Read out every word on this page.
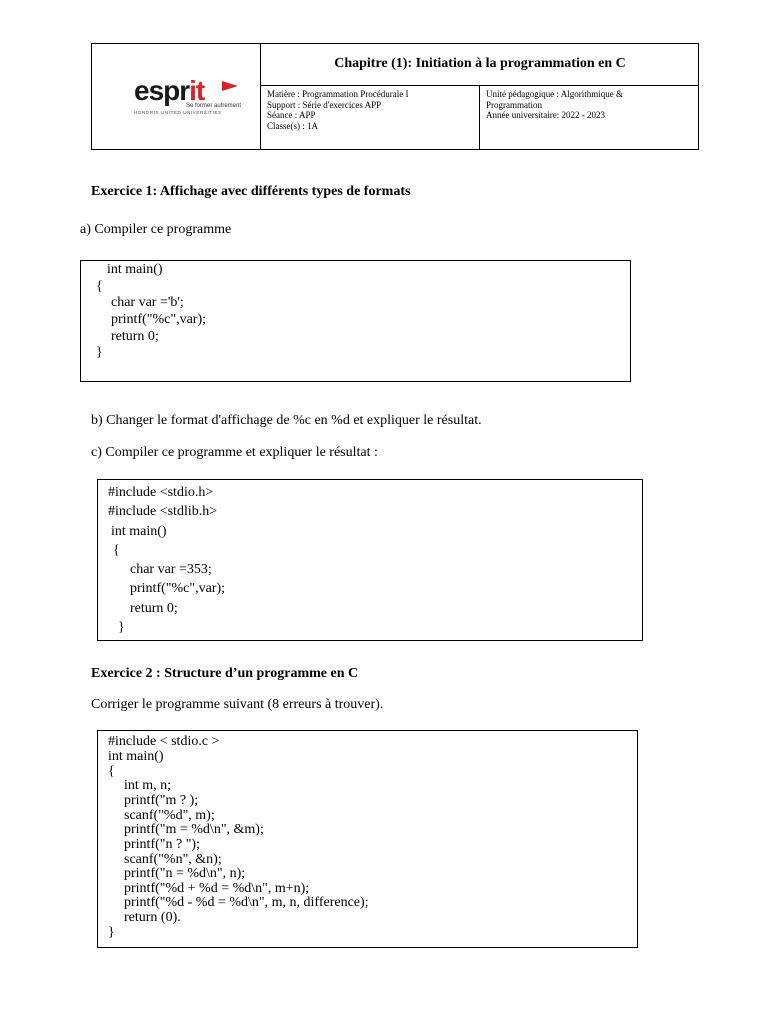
esprit
Se former autrement
HONORIS UNITED UNIVERSITIES
Chapitre (1): Initiation à la programmation en C
Matière : Programmation Procédurale I
Support : Série d'exercices APP
Séance : APP
Classe(s) : 1A
Unité pédagogique : Algorithmique &
Programmation
Année universitaire: 2022 - 2023
Exercice 1: Affichage avec différents types de formats
a) Compiler ce programme
int main()
{
char var ='b';
printf("%c",var);
return 0;
}
b) Changer le format d'affichage de %c en %d et expliquer le résultat.
c) Compiler ce programme et expliquer le résultat :
#include <stdio.h>
#include <stdlib.h>
int main()
{
char var =353;
printf("%c",var);
return 0;
}
Exercice 2 : Structure d’un programme en C
Corriger le programme suivant (8 erreurs à trouver).
#include < stdio.c >
int main()
{
int m, n;
printf("m ? );
scanf("%d", m);
printf("m = %d\n", &m);
printf("n ? ");
scanf("%n", &n);
printf("n = %d\n", n);
printf("%d + %d = %d\n", m+n);
printf("%d - %d = %d\n", m, n, difference);
return (0).
}
